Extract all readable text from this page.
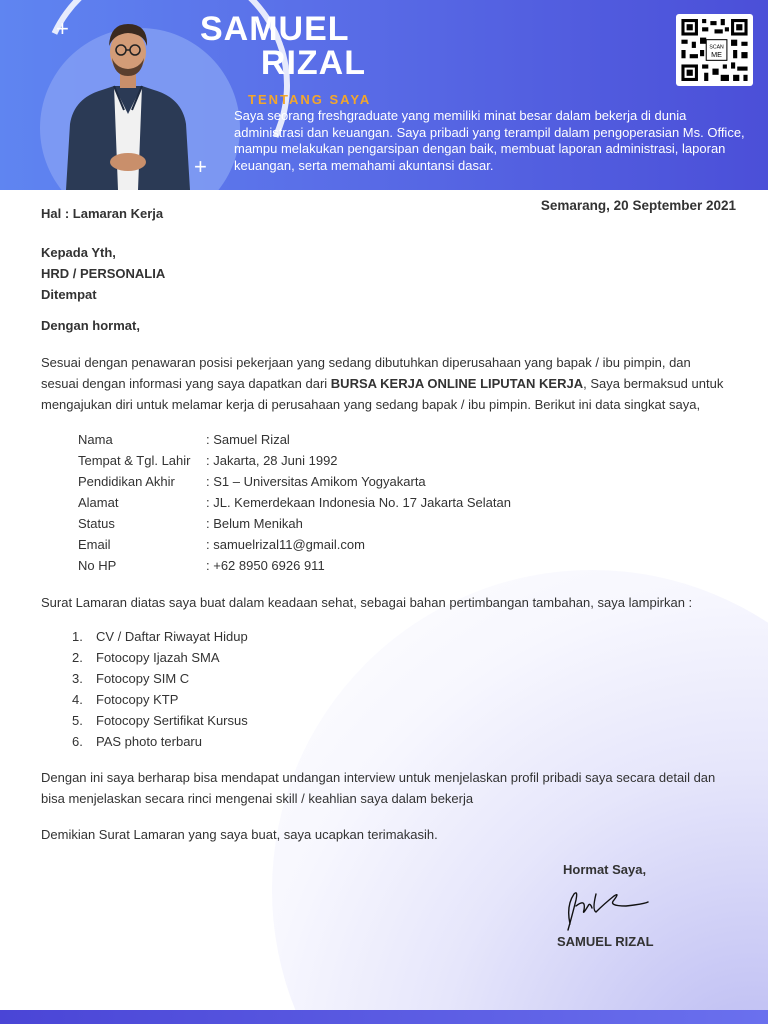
+
+
SAMUEL
RIZAL
TENTANG SAYA
Saya seorang freshgraduate yang memiliki minat besar dalam bekerja di dunia administrasi dan keuangan. Saya pribadi yang terampil dalam pengoperasian Ms. Office, mampu melakukan pengarsipan dengan baik, membuat laporan administrasi, laporan keuangan, serta memahami akuntansi dasar.
SCAN
ME
Semarang, 20 September 2021
Hal : Lamaran Kerja
Kepada Yth,
HRD / PERSONALIA
Ditempat
Dengan hormat,
Sesuai dengan penawaran posisi pekerjaan yang sedang dibutuhkan diperusahaan yang bapak / ibu pimpin, dan sesuai dengan informasi yang saya dapatkan dari BURSA KERJA ONLINE LIPUTAN KERJA, Saya bermaksud untuk mengajukan diri untuk melamar kerja di perusahaan yang sedang bapak / ibu pimpin. Berikut ini data singkat saya,
Nama	: Samuel Rizal
Tempat & Tgl. Lahir	: Jakarta, 28 Juni 1992
Pendidikan Akhir	: S1 – Universitas Amikom Yogyakarta
Alamat	: JL. Kemerdekaan Indonesia No. 17 Jakarta Selatan
Status	: Belum Menikah
Email	: samuelrizal11@gmail.com
No HP	: +62 8950 6926 911
Surat Lamaran diatas saya buat dalam keadaan sehat, sebagai bahan pertimbangan tambahan, saya lampirkan :
1. CV / Daftar Riwayat Hidup
2. Fotocopy Ijazah SMA
3. Fotocopy SIM C
4. Fotocopy KTP
5. Fotocopy Sertifikat Kursus
6. PAS photo terbaru
Dengan ini saya berharap bisa mendapat undangan interview untuk menjelaskan profil pribadi saya secara detail dan bisa menjelaskan secara rinci mengenai skill / keahlian saya dalam bekerja
Demikian Surat Lamaran yang saya buat, saya ucapkan terimakasih.
Hormat Saya,
SAMUEL RIZAL
